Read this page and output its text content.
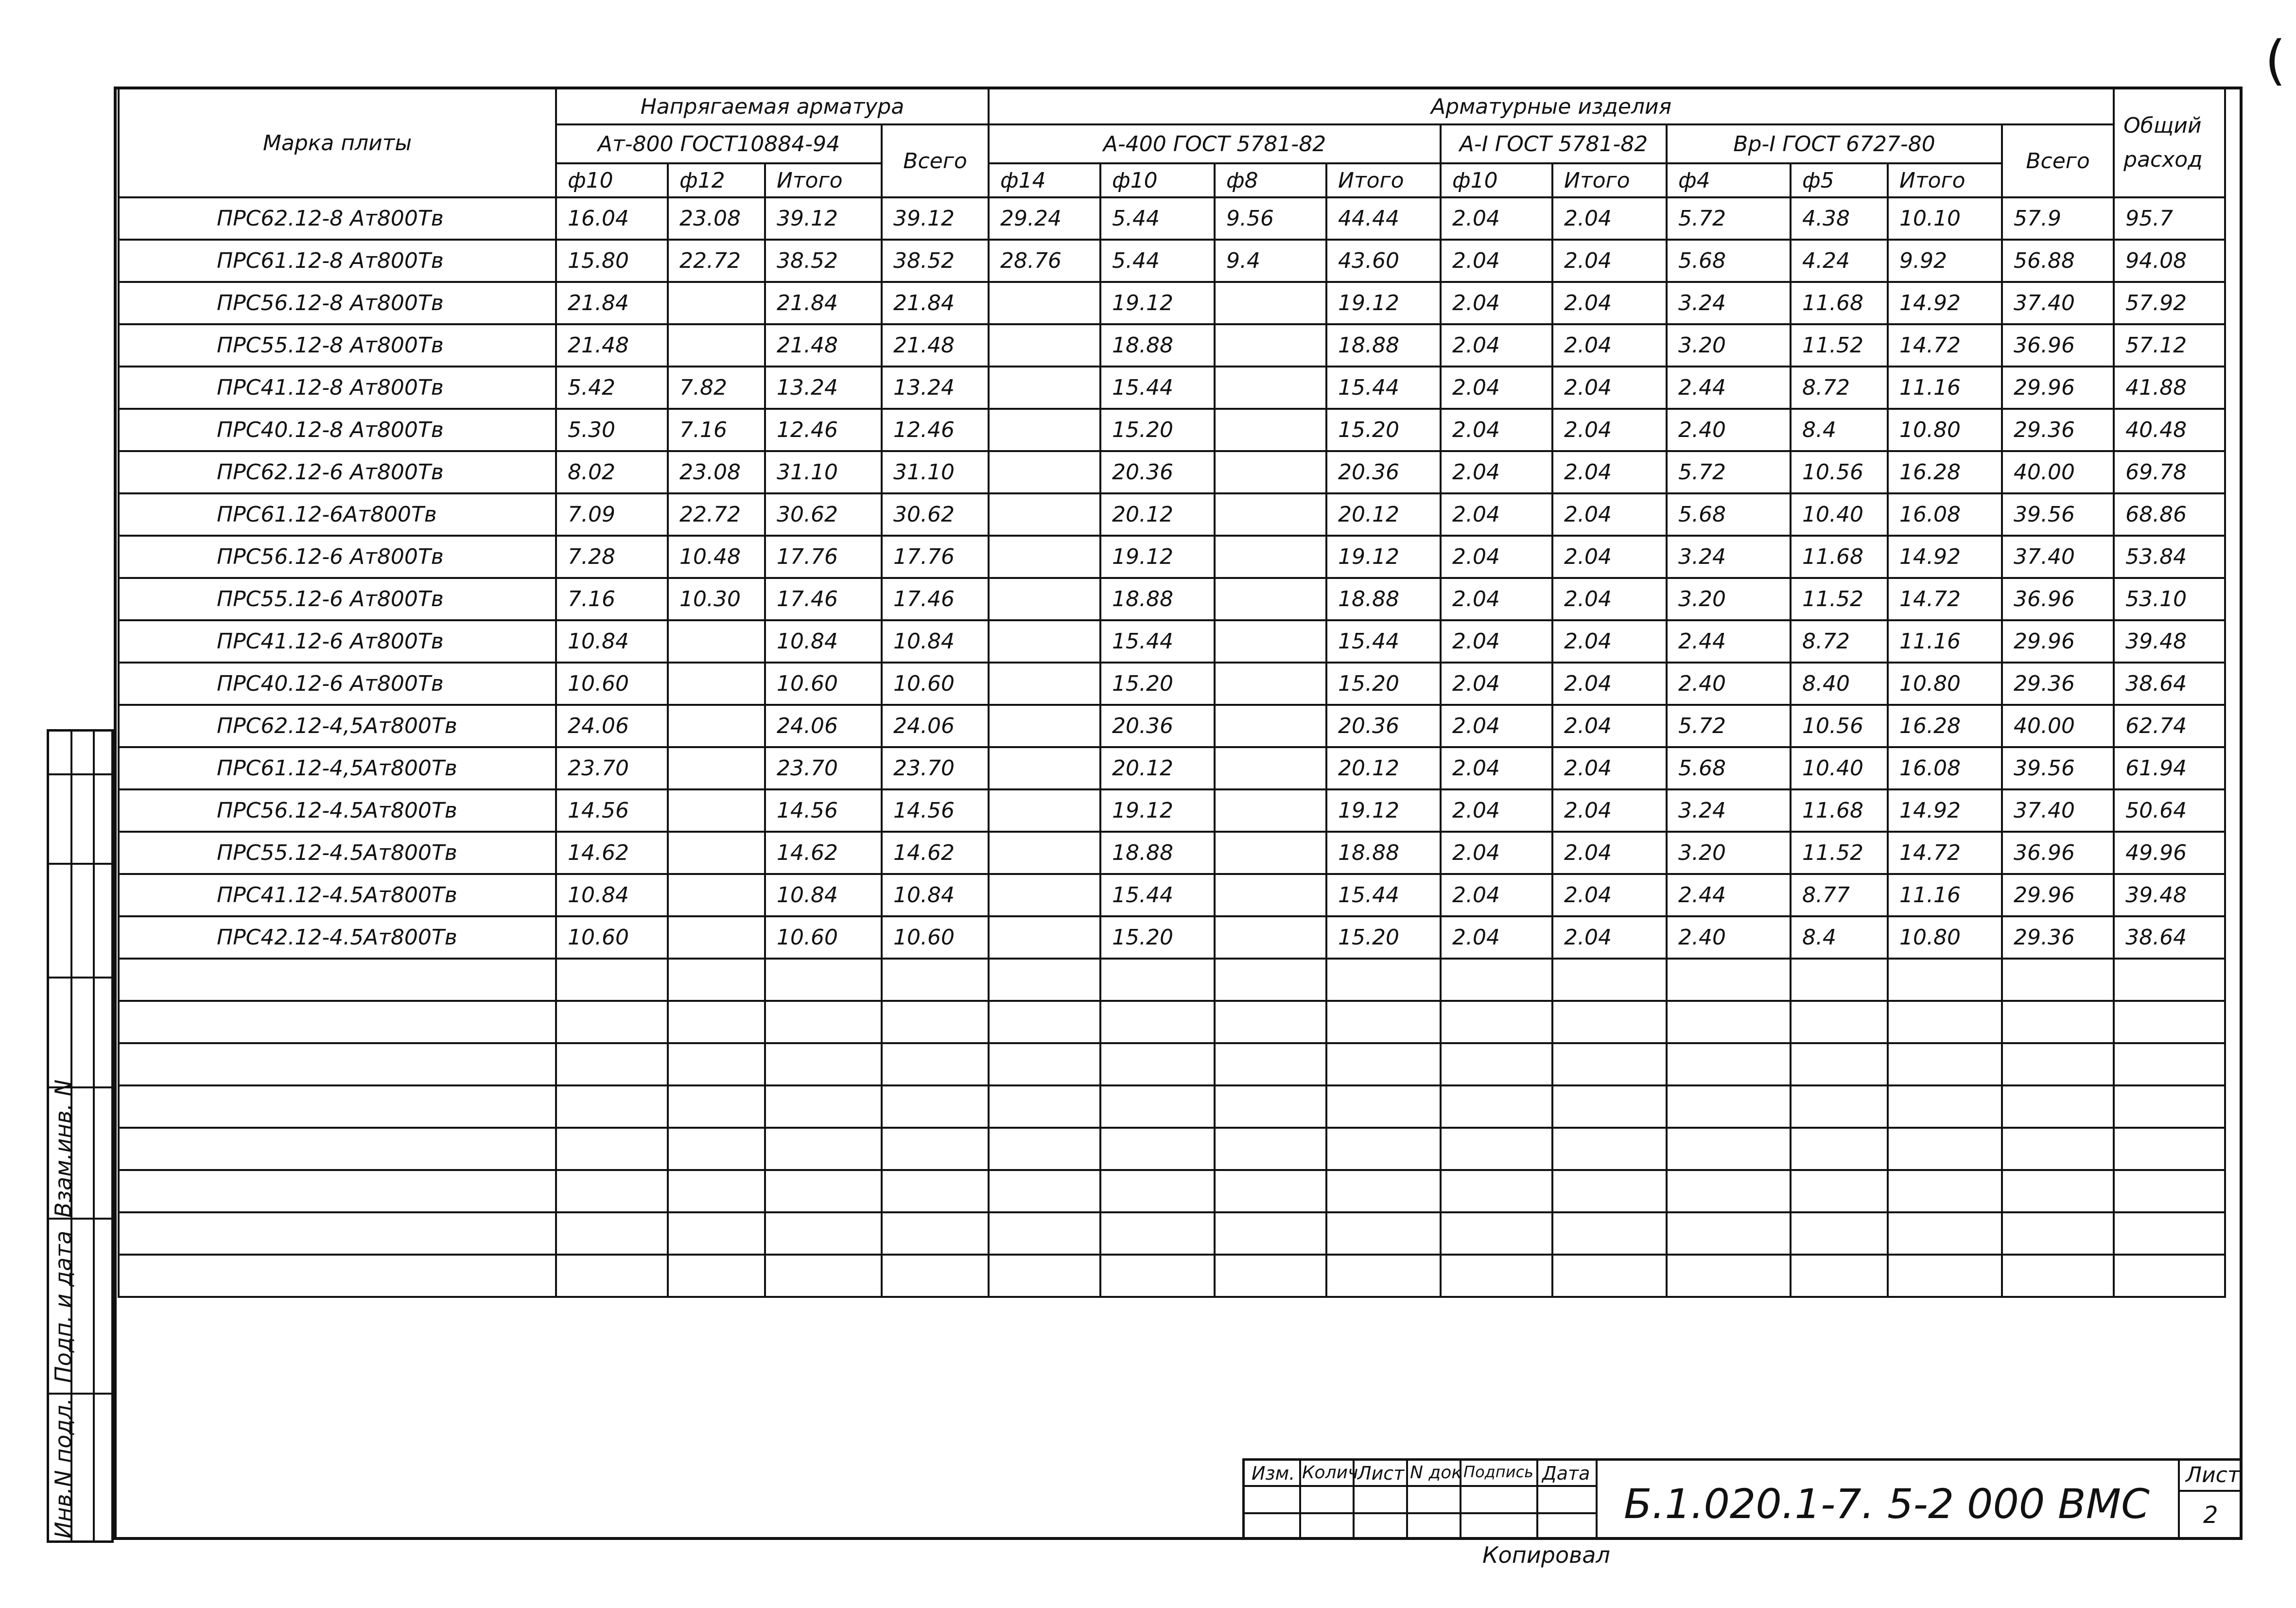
(
Марка плиты	Напрягаемая арматура				Арматурные изделия										Общий
расход
	Ат-800 ГОСТ10884-94			Всего	А-400 ГОСТ 5781-82				А-I ГОСТ 5781-82		Вр-I ГОСТ 6727-80			Всего	
	ф10	ф12	Итого		ф14	ф10	ф8	Итого	ф10	Итого	ф4	ф5	Итого		
ПРС62.12-8 Ат800Тв	16.04	23.08	39.12	39.12	29.24	5.44	9.56	44.44	2.04	2.04	5.72	4.38	10.10	57.9	95.7
ПРС61.12-8 Ат800Тв	15.80	22.72	38.52	38.52	28.76	5.44	9.4	43.60	2.04	2.04	5.68	4.24	9.92	56.88	94.08
ПРС56.12-8 Ат800Тв	21.84		21.84	21.84		19.12		19.12	2.04	2.04	3.24	11.68	14.92	37.40	57.92
ПРС55.12-8 Ат800Тв	21.48		21.48	21.48		18.88		18.88	2.04	2.04	3.20	11.52	14.72	36.96	57.12
ПРС41.12-8 Ат800Тв	5.42	7.82	13.24	13.24		15.44		15.44	2.04	2.04	2.44	8.72	11.16	29.96	41.88
ПРС40.12-8 Ат800Тв	5.30	7.16	12.46	12.46		15.20		15.20	2.04	2.04	2.40	8.4	10.80	29.36	40.48
ПРС62.12-6 Ат800Тв	8.02	23.08	31.10	31.10		20.36		20.36	2.04	2.04	5.72	10.56	16.28	40.00	69.78
ПРС61.12-6Ат800Тв	7.09	22.72	30.62	30.62		20.12		20.12	2.04	2.04	5.68	10.40	16.08	39.56	68.86
ПРС56.12-6 Ат800Тв	7.28	10.48	17.76	17.76		19.12		19.12	2.04	2.04	3.24	11.68	14.92	37.40	53.84
ПРС55.12-6 Ат800Тв	7.16	10.30	17.46	17.46		18.88		18.88	2.04	2.04	3.20	11.52	14.72	36.96	53.10
ПРС41.12-6 Ат800Тв	10.84		10.84	10.84		15.44		15.44	2.04	2.04	2.44	8.72	11.16	29.96	39.48
ПРС40.12-6 Ат800Тв	10.60		10.60	10.60		15.20		15.20	2.04	2.04	2.40	8.40	10.80	29.36	38.64
ПРС62.12-4,5Ат800Тв	24.06		24.06	24.06		20.36		20.36	2.04	2.04	5.72	10.56	16.28	40.00	62.74
ПРС61.12-4,5Ат800Тв	23.70		23.70	23.70		20.12		20.12	2.04	2.04	5.68	10.40	16.08	39.56	61.94
ПРС56.12-4.5Ат800Тв	14.56		14.56	14.56		19.12		19.12	2.04	2.04	3.24	11.68	14.92	37.40	50.64
ПРС55.12-4.5Ат800Тв	14.62		14.62	14.62		18.88		18.88	2.04	2.04	3.20	11.52	14.72	36.96	49.96
ПРС41.12-4.5Ат800Тв	10.84		10.84	10.84		15.44		15.44	2.04	2.04	2.44	8.77	11.16	29.96	39.48
ПРС42.12-4.5Ат800Тв	10.60		10.60	10.60		15.20		15.20	2.04	2.04	2.40	8.4	10.80	29.36	38.64

Взам.инв. N
Подп. и дата
Инв.N подл.	Изм. Колич
Лист N док Подпись Дата
Б.1.020.1-7. 5-2 000 ВМС
Лист
2
Копировал
